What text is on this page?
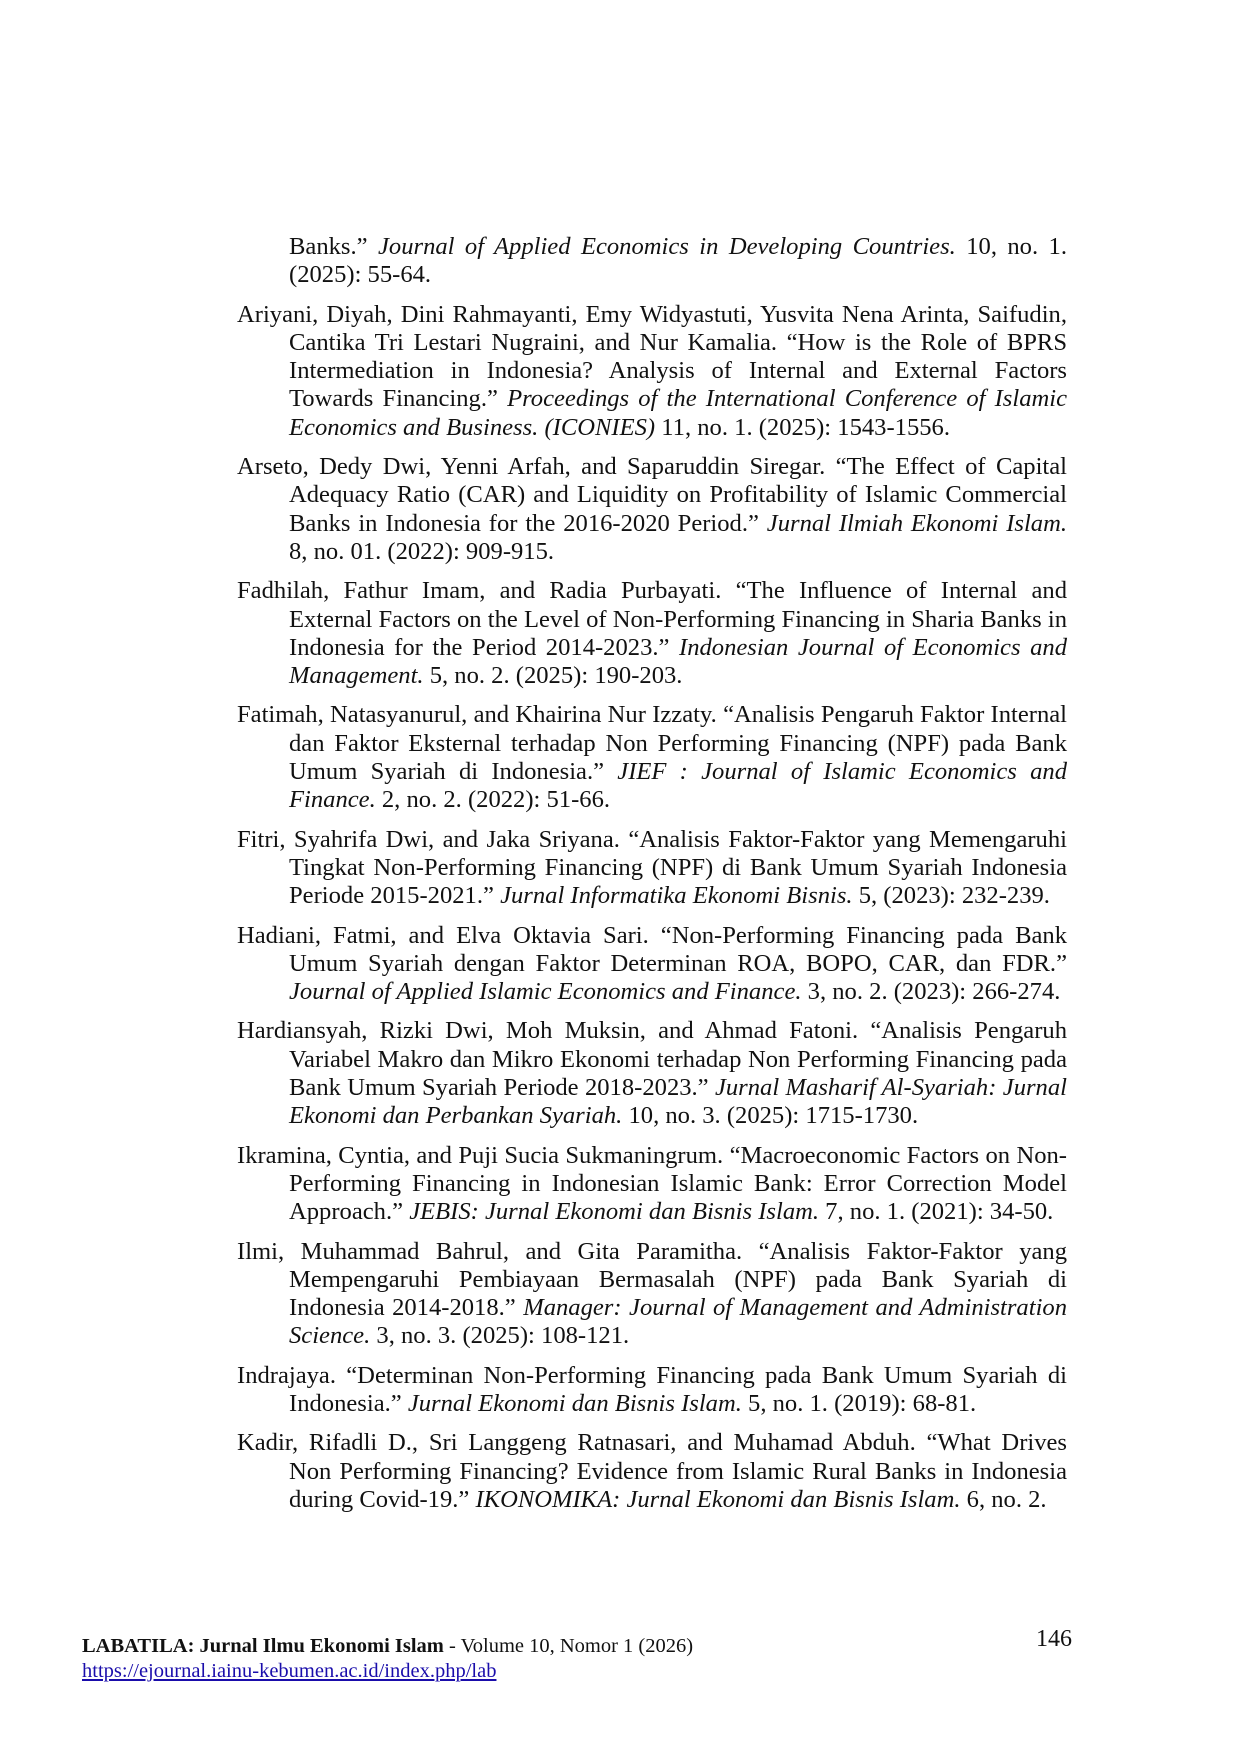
Banks.” Journal of Applied Economics in Developing Countries. 10, no. 1. (2025): 55-64.

Ariyani, Diyah, Dini Rahmayanti, Emy Widyastuti, Yusvita Nena Arinta, Saifudin, Cantika Tri Lestari Nugraini, and Nur Kamalia. “How is the Role of BPRS Intermediation in Indonesia? Analysis of Internal and External Factors Towards Financing.” Proceedings of the International Conference of Islamic Economics and Business. (ICONIES) 11, no. 1. (2025): 1543-1556.

Arseto, Dedy Dwi, Yenni Arfah, and Saparuddin Siregar. “The Effect of Capital Adequacy Ratio (CAR) and Liquidity on Profitability of Islamic Commercial Banks in Indonesia for the 2016-2020 Period.” Jurnal Ilmiah Ekonomi Islam. 8, no. 01. (2022): 909-915.

Fadhilah, Fathur Imam, and Radia Purbayati. “The Influence of Internal and External Factors on the Level of Non-Performing Financing in Sharia Banks in Indonesia for the Period 2014-2023.” Indonesian Journal of Economics and Management. 5, no. 2. (2025): 190-203.

Fatimah, Natasyanurul, and Khairina Nur Izzaty. “Analisis Pengaruh Faktor Internal dan Faktor Eksternal terhadap Non Performing Financing (NPF) pada Bank Umum Syariah di Indonesia.” JIEF : Journal of Islamic Economics and Finance. 2, no. 2. (2022): 51-66.

Fitri, Syahrifa Dwi, and Jaka Sriyana. “Analisis Faktor-Faktor yang Memengaruhi Tingkat Non-Performing Financing (NPF) di Bank Umum Syariah Indonesia Periode 2015-2021.” Jurnal Informatika Ekonomi Bisnis. 5, (2023): 232-239.

Hadiani, Fatmi, and Elva Oktavia Sari. “Non-Performing Financing pada Bank Umum Syariah dengan Faktor Determinan ROA, BOPO, CAR, dan FDR.” Journal of Applied Islamic Economics and Finance. 3, no. 2. (2023): 266-274.

Hardiansyah, Rizki Dwi, Moh Muksin, and Ahmad Fatoni. “Analisis Pengaruh Variabel Makro dan Mikro Ekonomi terhadap Non Performing Financing pada Bank Umum Syariah Periode 2018-2023.” Jurnal Masharif Al-Syariah: Jurnal Ekonomi dan Perbankan Syariah. 10, no. 3. (2025): 1715-1730.

Ikramina, Cyntia, and Puji Sucia Sukmaningrum. “Macroeconomic Factors on Non-Performing Financing in Indonesian Islamic Bank: Error Correction Model Approach.” JEBIS: Jurnal Ekonomi dan Bisnis Islam. 7, no. 1. (2021): 34-50.

Ilmi, Muhammad Bahrul, and Gita Paramitha. “Analisis Faktor-Faktor yang Mempengaruhi Pembiayaan Bermasalah (NPF) pada Bank Syariah di Indonesia 2014-2018.” Manager: Journal of Management and Administration Science. 3, no. 3. (2025): 108-121.

Indrajaya. “Determinan Non-Performing Financing pada Bank Umum Syariah di Indonesia.” Jurnal Ekonomi dan Bisnis Islam. 5, no. 1. (2019): 68-81.

Kadir, Rifadli D., Sri Langgeng Ratnasari, and Muhamad Abduh. “What Drives Non Performing Financing? Evidence from Islamic Rural Banks in Indonesia during Covid-19.” IKONOMIKA: Jurnal Ekonomi dan Bisnis Islam. 6, no. 2.

LABATILA: Jurnal Ilmu Ekonomi Islam - Volume 10, Nomor 1 (2026)
https://ejournal.iainu-kebumen.ac.id/index.php/lab
146
